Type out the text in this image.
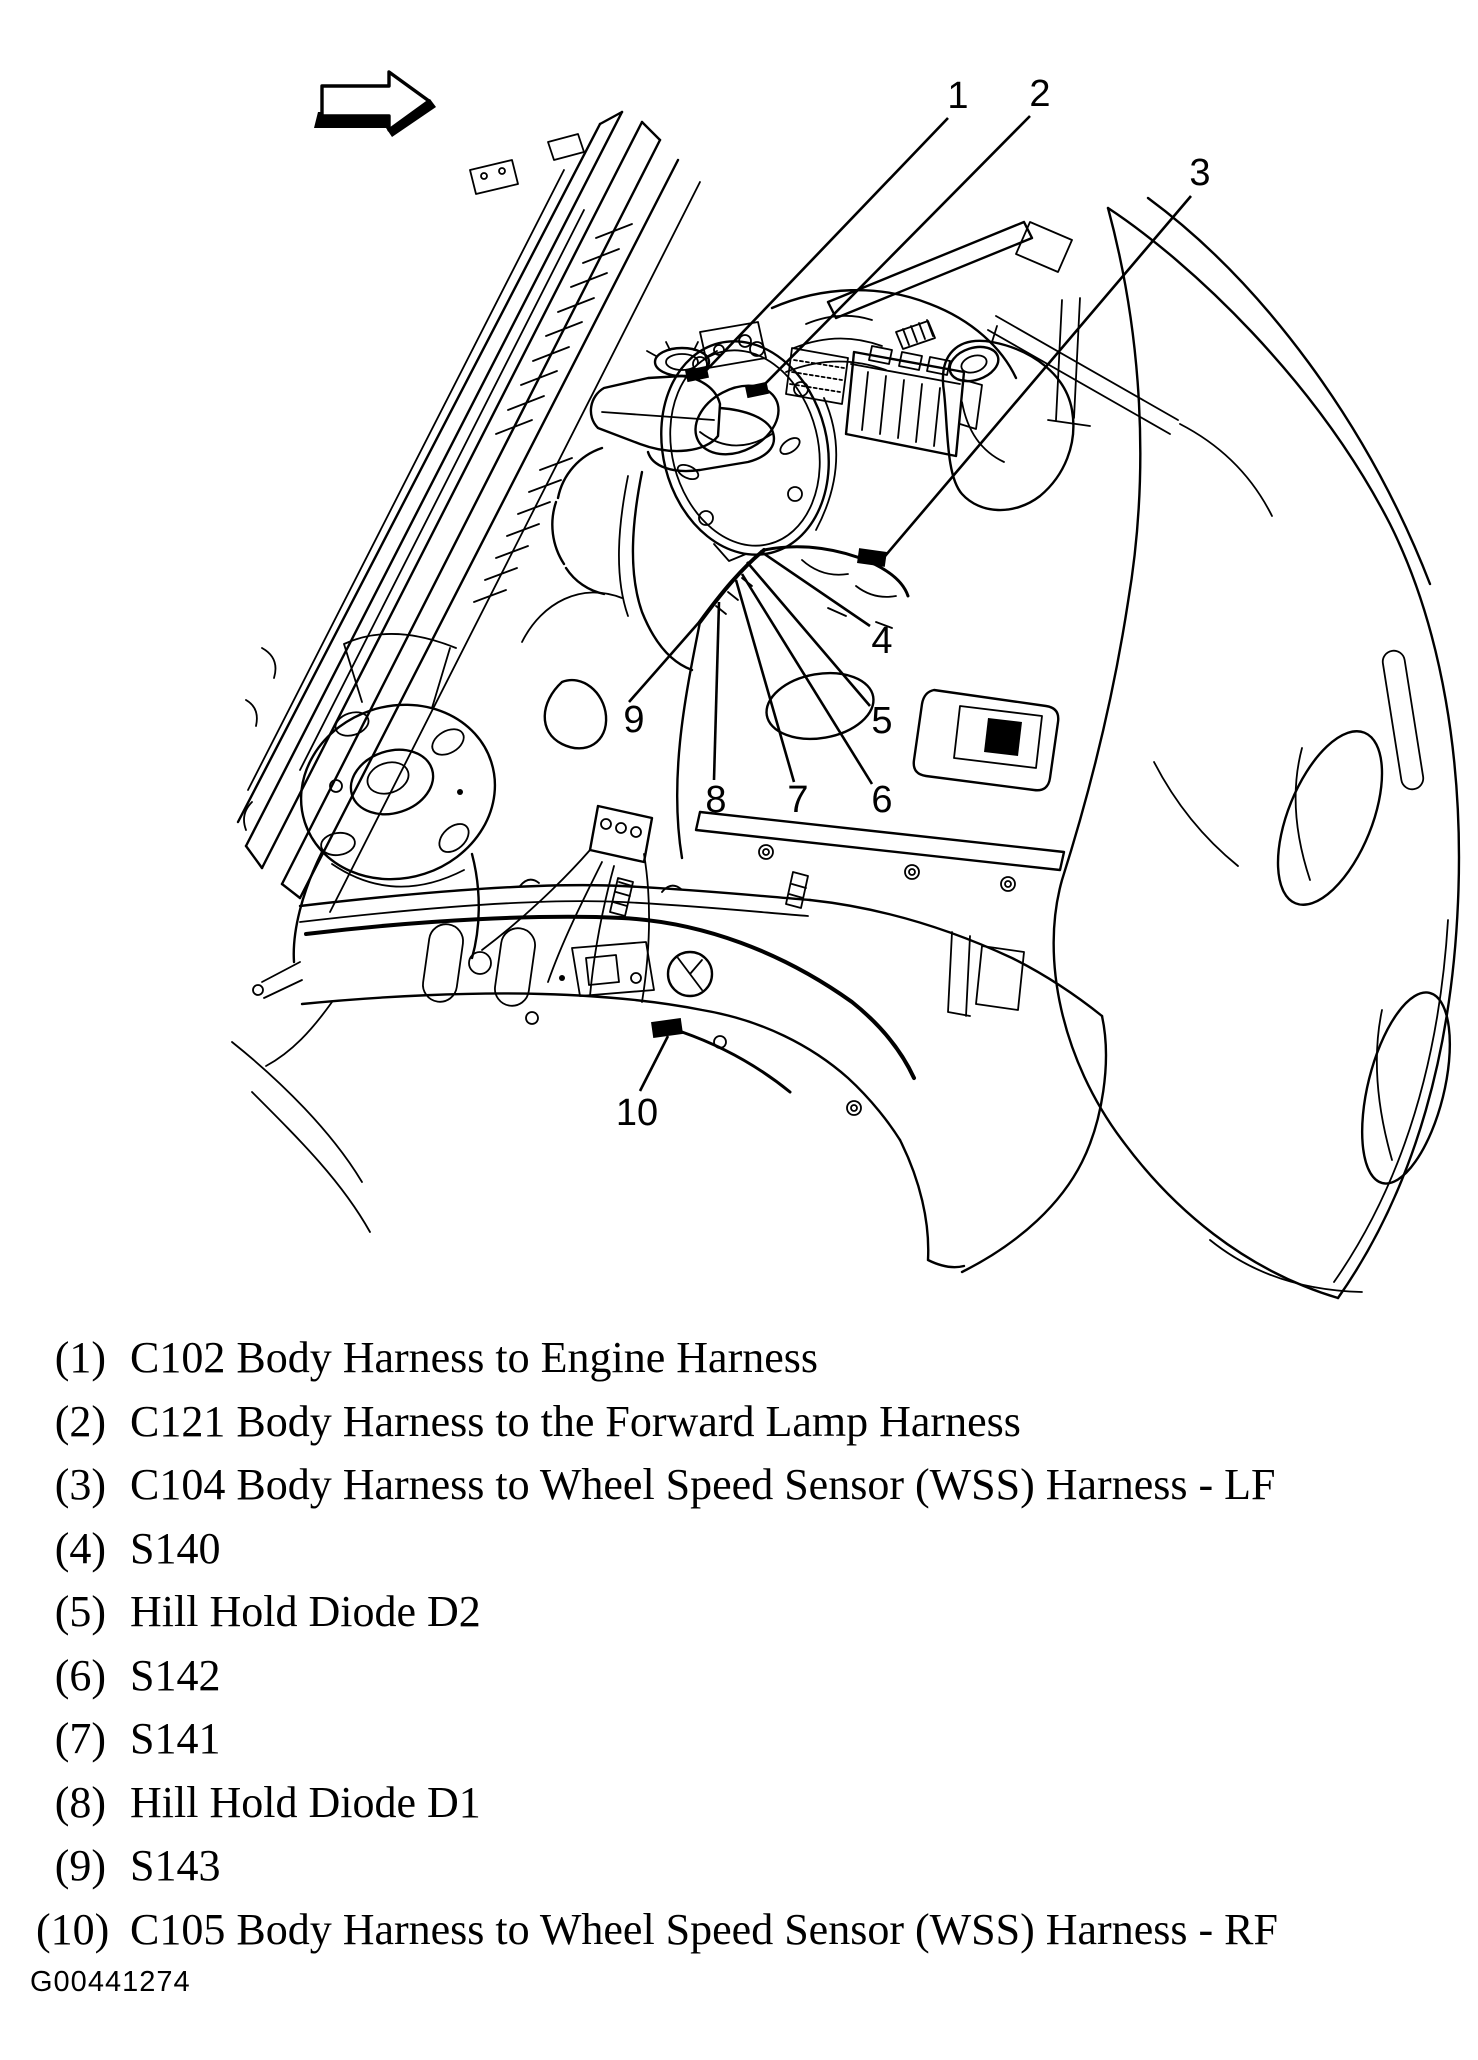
1 2
3
4
5
6
7
8
9
10
(1) C102 Body Harness to Engine Harness
(2) C121 Body Harness to the Forward Lamp Harness
(3) C104 Body Harness to Wheel Speed Sensor (WSS) Harness - LF
(4) S140
(5) Hill Hold Diode D2
(6) S142
(7) S141
(8) Hill Hold Diode D1
(9) S143
(10) C105 Body Harness to Wheel Speed Sensor (WSS) Harness - RF
G00441274
